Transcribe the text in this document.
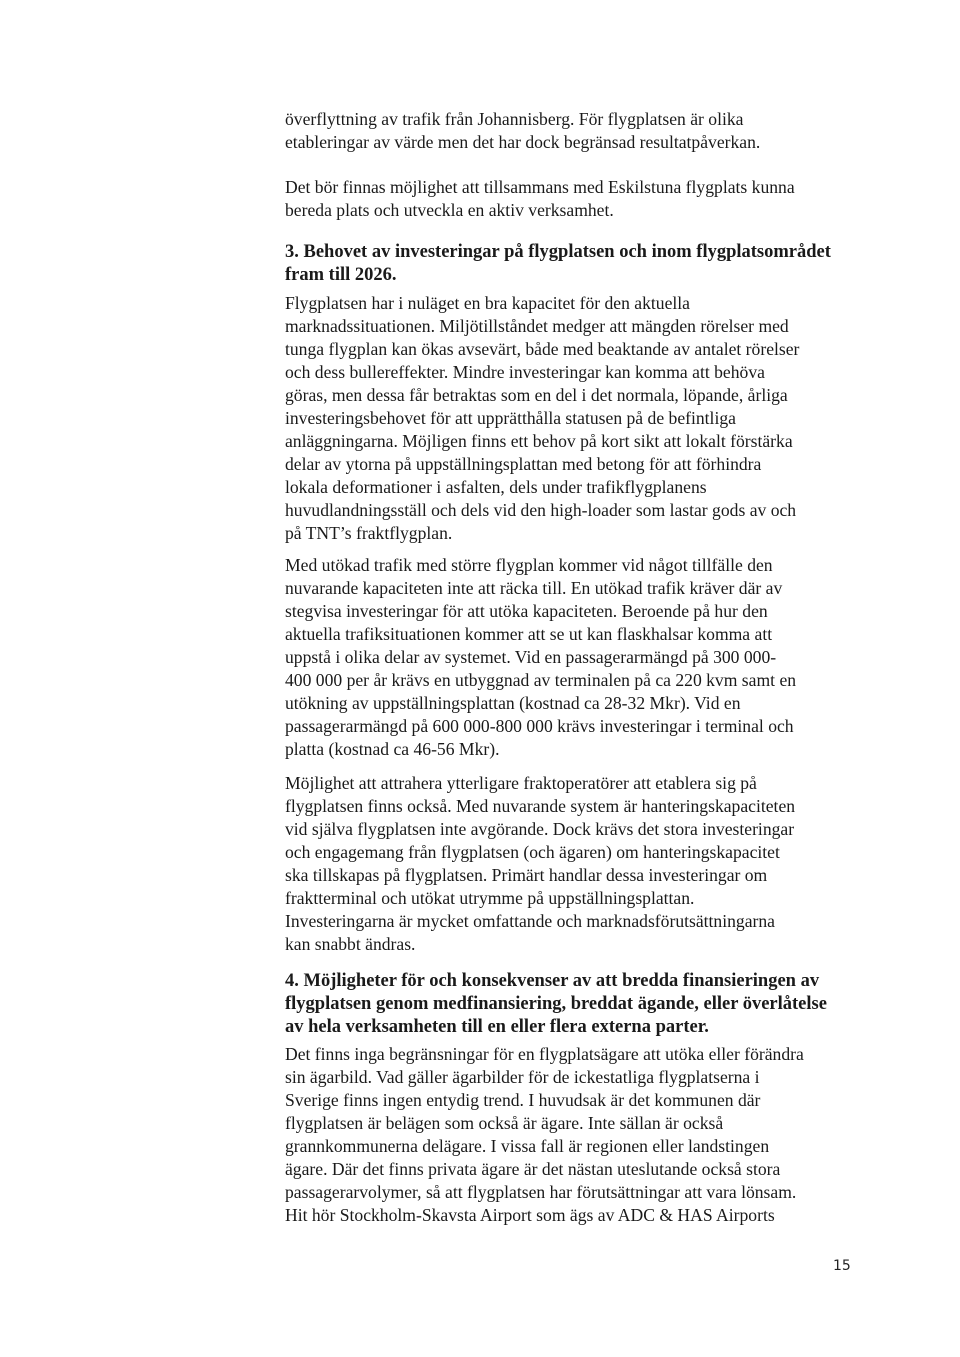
överflyttning av trafik från Johannisberg. För flygplatsen är olika
etableringar av värde men det har dock begränsad resultatpåverkan.
Det bör finnas möjlighet att tillsammans med Eskilstuna flygplats kunna
bereda plats och utveckla en aktiv verksamhet.
3. Behovet av investeringar på flygplatsen och inom flygplatsområdet
fram till 2026.
Flygplatsen har i nuläget en bra kapacitet för den aktuella
marknadssituationen. Miljötillståndet medger att mängden rörelser med
tunga flygplan kan ökas avsevärt, både med beaktande av antalet rörelser
och dess bullereffekter. Mindre investeringar kan komma att behöva
göras, men dessa får betraktas som en del i det normala, löpande, årliga
investeringsbehovet för att upprätthålla statusen på de befintliga
anläggningarna. Möjligen finns ett behov på kort sikt att lokalt förstärka
delar av ytorna på uppställningsplattan med betong för att förhindra
lokala deformationer i asfalten, dels under trafikflygplanens
huvudlandningsställ och dels vid den high-loader som lastar gods av och
på TNT’s fraktflygplan.
Med utökad trafik med större flygplan kommer vid något tillfälle den
nuvarande kapaciteten inte att räcka till. En utökad trafik kräver där av
stegvisa investeringar för att utöka kapaciteten. Beroende på hur den
aktuella trafiksituationen kommer att se ut kan flaskhalsar komma att
uppstå i olika delar av systemet. Vid en passagerarmängd på 300 000-
400 000 per år krävs en utbyggnad av terminalen på ca 220 kvm samt en
utökning av uppställningsplattan (kostnad ca 28-32 Mkr). Vid en
passagerarmängd på 600 000-800 000 krävs investeringar i terminal och
platta (kostnad ca 46-56 Mkr).
Möjlighet att attrahera ytterligare fraktoperatörer att etablera sig på
flygplatsen finns också. Med nuvarande system är hanteringskapaciteten
vid själva flygplatsen inte avgörande. Dock krävs det stora investeringar
och engagemang från flygplatsen (och ägaren) om hanteringskapacitet
ska tillskapas på flygplatsen. Primärt handlar dessa investeringar om
fraktterminal och utökat utrymme på uppställningsplattan.
Investeringarna är mycket omfattande och marknadsförutsättningarna
kan snabbt ändras.
4. Möjligheter för och konsekvenser av att bredda finansieringen av
flygplatsen genom medfinansiering, breddat ägande, eller överlåtelse
av hela verksamheten till en eller flera externa parter.
Det finns inga begränsningar för en flygplatsägare att utöka eller förändra
sin ägarbild. Vad gäller ägarbilder för de ickestatliga flygplatserna i
Sverige finns ingen entydig trend. I huvudsak är det kommunen där
flygplatsen är belägen som också är ägare. Inte sällan är också
grannkommunerna delägare. I vissa fall är regionen eller landstingen
ägare. Där det finns privata ägare är det nästan uteslutande också stora
passagerarvolymer, så att flygplatsen har förutsättningar att vara lönsam.
Hit hör Stockholm-Skavsta Airport som ägs av ADC & HAS Airports
15
